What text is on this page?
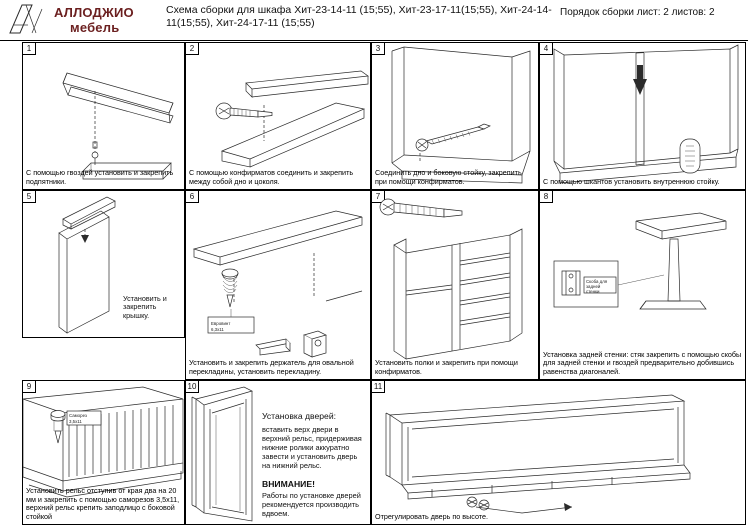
АЛЛОДЖИО
мебель
Схема сборки для шкафа Хит-23-14-11 (15;55), Хит-23-17-11(15;55), Хит-24-14-11(15;55), Хит-24-17-11 (15;55)
Порядок сборки лист: 2 листов: 2
1
С помощью гвоздей установить и закрепить подпятники.
2
С помощью конфирматов соединить и закрепить между собой дно и цоколя.
3
Соединить дно и боковую стойку, закрепить при помощи конфирматов.
4
С помощью шкантов установить внутреннюю стойку.
5
Установить и закрепить крышку.
6
Евровинт
6,3х11
Установить и закрепить держатель для овальной перекладины, установить перекладину.
7
Установить полки и закрепить при помощи конфирматов.
8
Скоба для
задней
стенки
Установка задней стенки: стяк закрепить с помощью скобы для задней стенки и гвоздей предварительно добившись равенства диагоналей.
9
Саморез
3,5х11
Установить рельс отступив от края два на 20 мм и закрепить с помощью саморезов 3,5х11, верхний рельс крепить заподлицо с боковой стойкой
10
Установка дверей:
вставить верх двери в верхний рельс, придерживая нижние ролики аккуратно завести и установить дверь на нижний рельс.
ВНИМАНИЕ!
Работы по установке дверей рекомендуется производить вдвоем.
11
Отрегулировать дверь по высоте.
